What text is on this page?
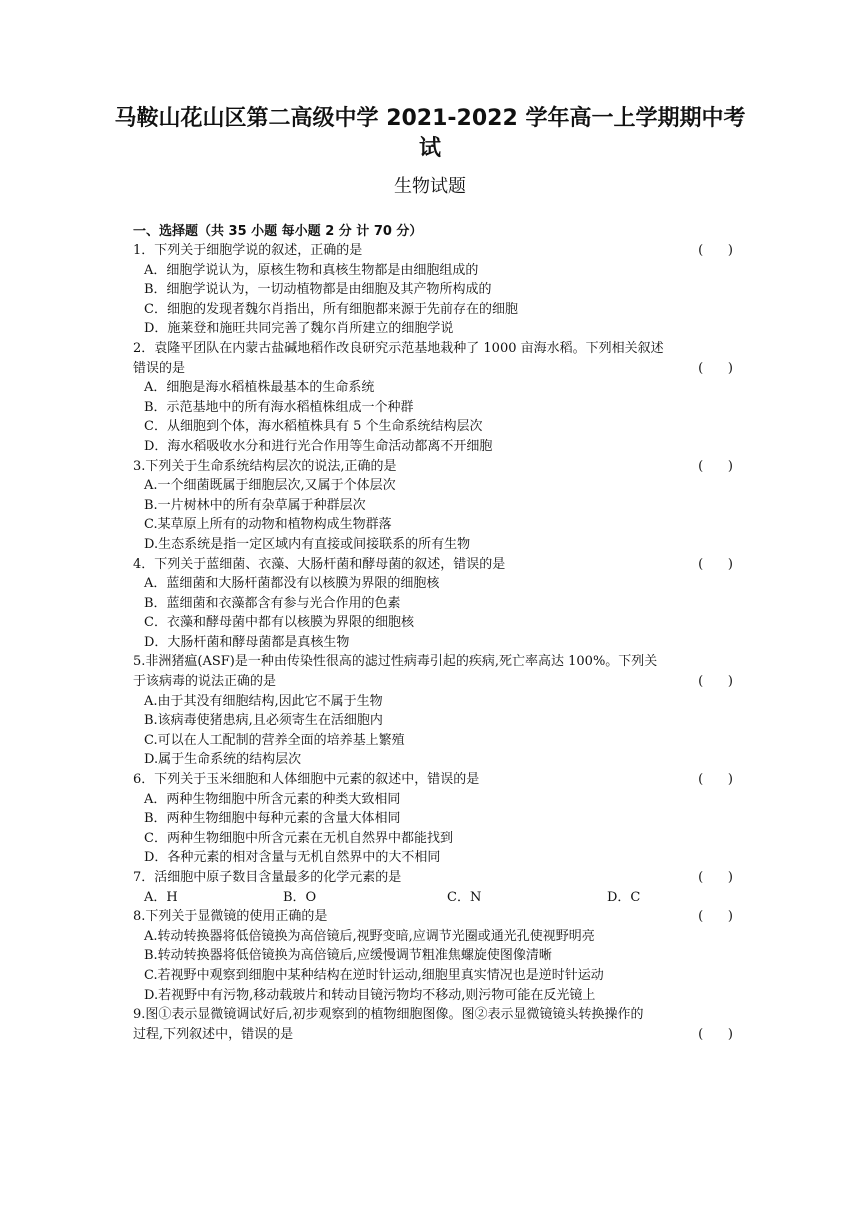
马鞍山花山区第二高级中学 2021-2022 学年高一上学期期中考
试
生物试题
一、选择题（共 35 小题 每小题 2 分 计 70 分）
1．下列关于细胞学说的叙述，正确的是	(      )
A．细胞学说认为，原核生物和真核生物都是由细胞组成的
B．细胞学说认为，一切动植物都是由细胞及其产物所构成的
C．细胞的发现者魏尔肖指出，所有细胞都来源于先前存在的细胞
D．施莱登和施旺共同完善了魏尔肖所建立的细胞学说
2．袁隆平团队在内蒙古盐碱地稻作改良研究示范基地栽种了 1000 亩海水稻。下列相关叙述
错误的是	(      )
A．细胞是海水稻植株最基本的生命系统
B．示范基地中的所有海水稻植株组成一个种群
C．从细胞到个体，海水稻植株具有 5 个生命系统结构层次
D．海水稻吸收水分和进行光合作用等生命活动都离不开细胞
3.下列关于生命系统结构层次的说法,正确的是	(      )
A.一个细菌既属于细胞层次,又属于个体层次
B.一片树林中的所有杂草属于种群层次
C.某草原上所有的动物和植物构成生物群落
D.生态系统是指一定区域内有直接或间接联系的所有生物
4．下列关于蓝细菌、衣藻、大肠杆菌和酵母菌的叙述，错误的是	(      )
A．蓝细菌和大肠杆菌都没有以核膜为界限的细胞核
B．蓝细菌和衣藻都含有参与光合作用的色素
C．衣藻和酵母菌中都有以核膜为界限的细胞核
D．大肠杆菌和酵母菌都是真核生物
5.非洲猪瘟(ASF)是一种由传染性很高的滤过性病毒引起的疾病,死亡率高达 100%。下列关
于该病毒的说法正确的是	(      )
A.由于其没有细胞结构,因此它不属于生物
B.该病毒使猪患病,且必须寄生在活细胞内
C.可以在人工配制的营养全面的培养基上繁殖
D.属于生命系统的结构层次
6．下列关于玉米细胞和人体细胞中元素的叙述中，错误的是	(      )
A．两种生物细胞中所含元素的种类大致相同
B．两种生物细胞中每种元素的含量大体相同
C．两种生物细胞中所含元素在无机自然界中都能找到
D．各种元素的相对含量与无机自然界中的大不相同
7．活细胞中原子数目含量最多的化学元素的是	(      )
A．H	B．O	C．N	D．C
8.下列关于显微镜的使用正确的是	(      )
A.转动转换器将低倍镜换为高倍镜后,视野变暗,应调节光圈或通光孔使视野明亮
B.转动转换器将低倍镜换为高倍镜后,应缓慢调节粗准焦螺旋使图像清晰
C.若视野中观察到细胞中某种结构在逆时针运动,细胞里真实情况也是逆时针运动
D.若视野中有污物,移动载玻片和转动目镜污物均不移动,则污物可能在反光镜上
9.图①表示显微镜调试好后,初步观察到的植物细胞图像。图②表示显微镜镜头转换操作的
过程,下列叙述中，错误的是	(      )
